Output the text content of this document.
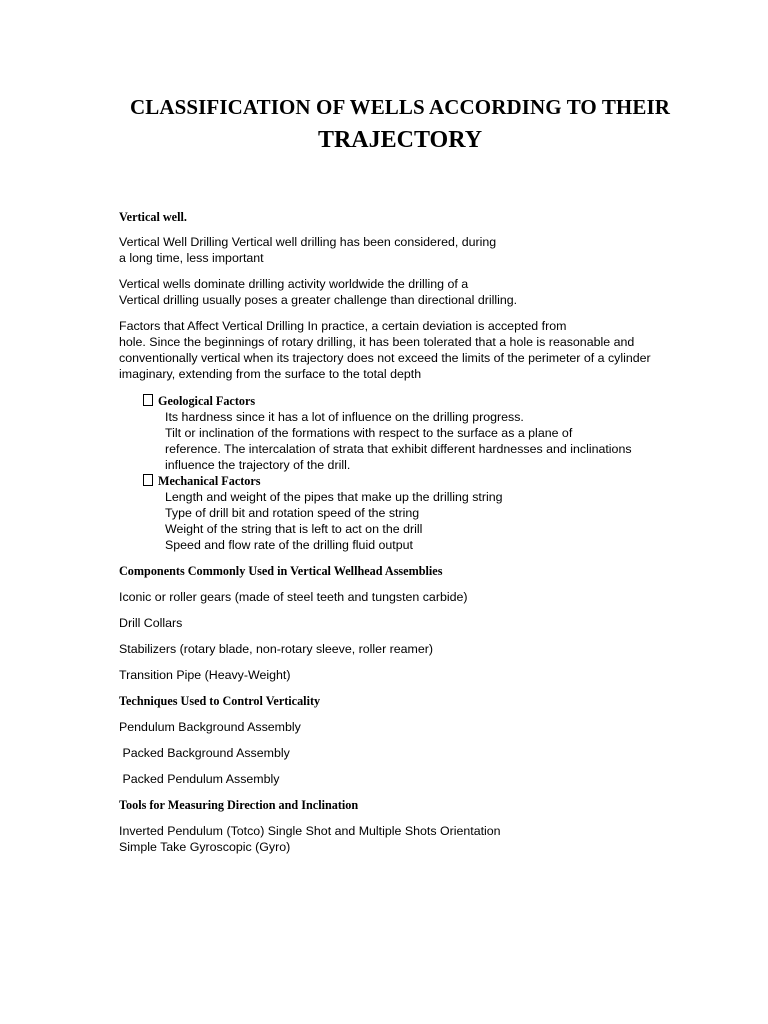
CLASSIFICATION OF WELLS ACCORDING TO THEIR
TRAJECTORY

Vertical well.

Vertical Well Drilling Vertical well drilling has been considered, during
a long time, less important

Vertical wells dominate drilling activity worldwide the drilling of a
Vertical drilling usually poses a greater challenge than directional drilling.

Factors that Affect Vertical Drilling In practice, a certain deviation is accepted from
hole. Since the beginnings of rotary drilling, it has been tolerated that a hole is reasonable and
conventionally vertical when its trajectory does not exceed the limits of the perimeter of a cylinder
imaginary, extending from the surface to the total depth

Geological Factors
Its hardness since it has a lot of influence on the drilling progress.
Tilt or inclination of the formations with respect to the surface as a plane of
reference. The intercalation of strata that exhibit different hardnesses and inclinations
influence the trajectory of the drill.
Mechanical Factors
Length and weight of the pipes that make up the drilling string
Type of drill bit and rotation speed of the string
Weight of the string that is left to act on the drill
Speed and flow rate of the drilling fluid output

Components Commonly Used in Vertical Wellhead Assemblies

Iconic or roller gears (made of steel teeth and tungsten carbide)

Drill Collars

Stabilizers (rotary blade, non-rotary sleeve, roller reamer)

Transition Pipe (Heavy-Weight)

Techniques Used to Control Verticality

Pendulum Background Assembly

Packed Background Assembly

Packed Pendulum Assembly

Tools for Measuring Direction and Inclination

Inverted Pendulum (Totco) Single Shot and Multiple Shots Orientation
Simple Take Gyroscopic (Gyro)
